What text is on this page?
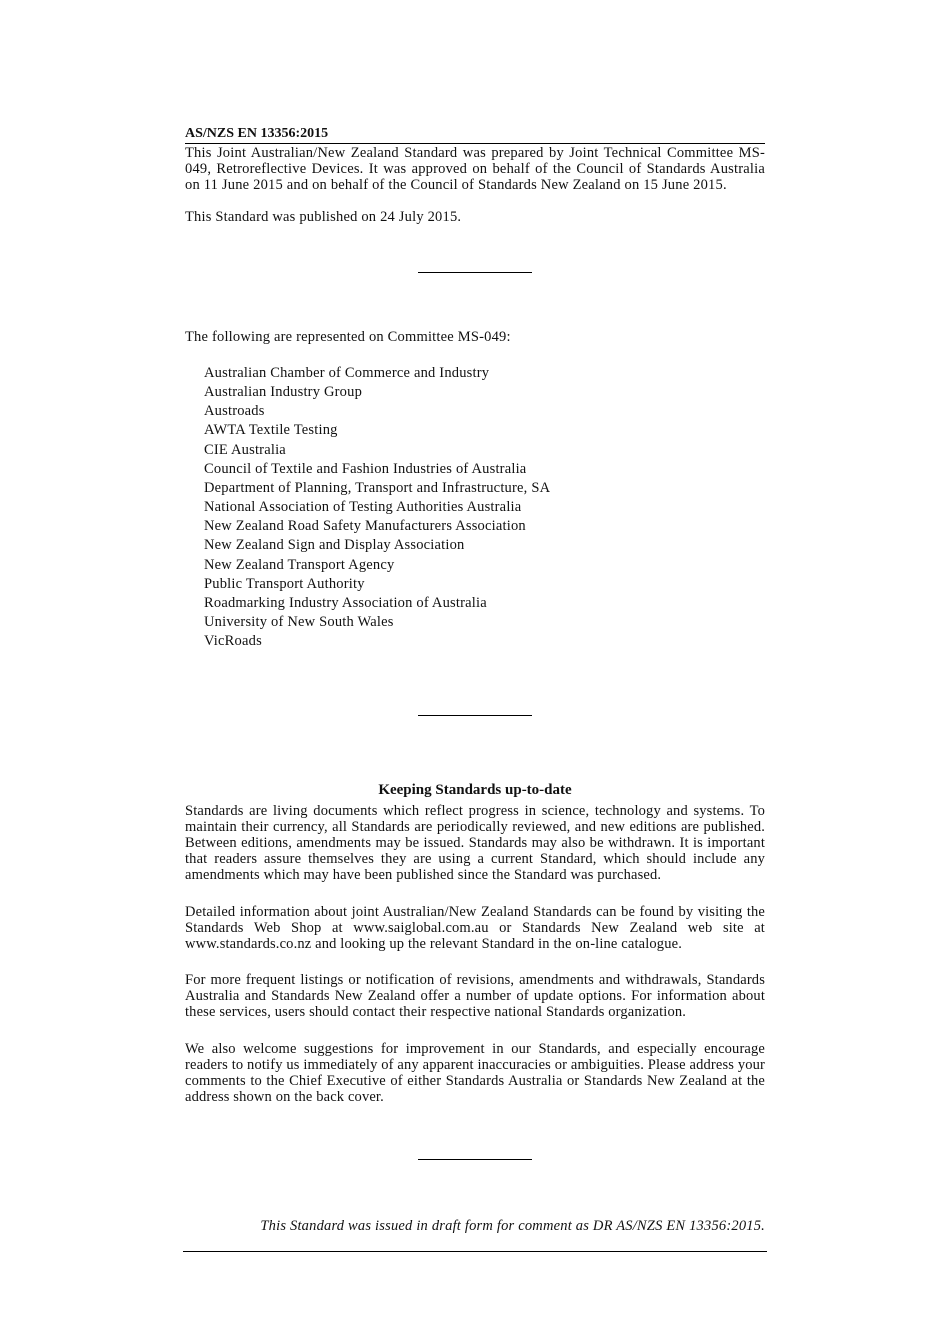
AS/NZS EN 13356:2015

This Joint Australian/New Zealand Standard was prepared by Joint Technical Committee MS-049, Retroreflective Devices. It was approved on behalf of the Council of Standards Australia on 11 June 2015 and on behalf of the Council of Standards New Zealand on 15 June 2015.

This Standard was published on 24 July 2015.

The following are represented on Committee MS-049:

Australian Chamber of Commerce and Industry
Australian Industry Group
Austroads
AWTA Textile Testing
CIE Australia
Council of Textile and Fashion Industries of Australia
Department of Planning, Transport and Infrastructure, SA
National Association of Testing Authorities Australia
New Zealand Road Safety Manufacturers Association
New Zealand Sign and Display Association
New Zealand Transport Agency
Public Transport Authority
Roadmarking Industry Association of Australia
University of New South Wales
VicRoads
Keeping Standards up-to-date

Standards are living documents which reflect progress in science, technology and systems. To maintain their currency, all Standards are periodically reviewed, and new editions are published. Between editions, amendments may be issued. Standards may also be withdrawn. It is important that readers assure themselves they are using a current Standard, which should include any amendments which may have been published since the Standard was purchased.

Detailed information about joint Australian/New Zealand Standards can be found by visiting the Standards Web Shop at www.saiglobal.com.au or Standards New Zealand web site at www.standards.co.nz and looking up the relevant Standard in the on-line catalogue.

For more frequent listings or notification of revisions, amendments and withdrawals, Standards Australia and Standards New Zealand offer a number of update options. For information about these services, users should contact their respective national Standards organization.

We also welcome suggestions for improvement in our Standards, and especially encourage readers to notify us immediately of any apparent inaccuracies or ambiguities. Please address your comments to the Chief Executive of either Standards Australia or Standards New Zealand at the address shown on the back cover.

This Standard was issued in draft form for comment as DR AS/NZS EN 13356:2015.
